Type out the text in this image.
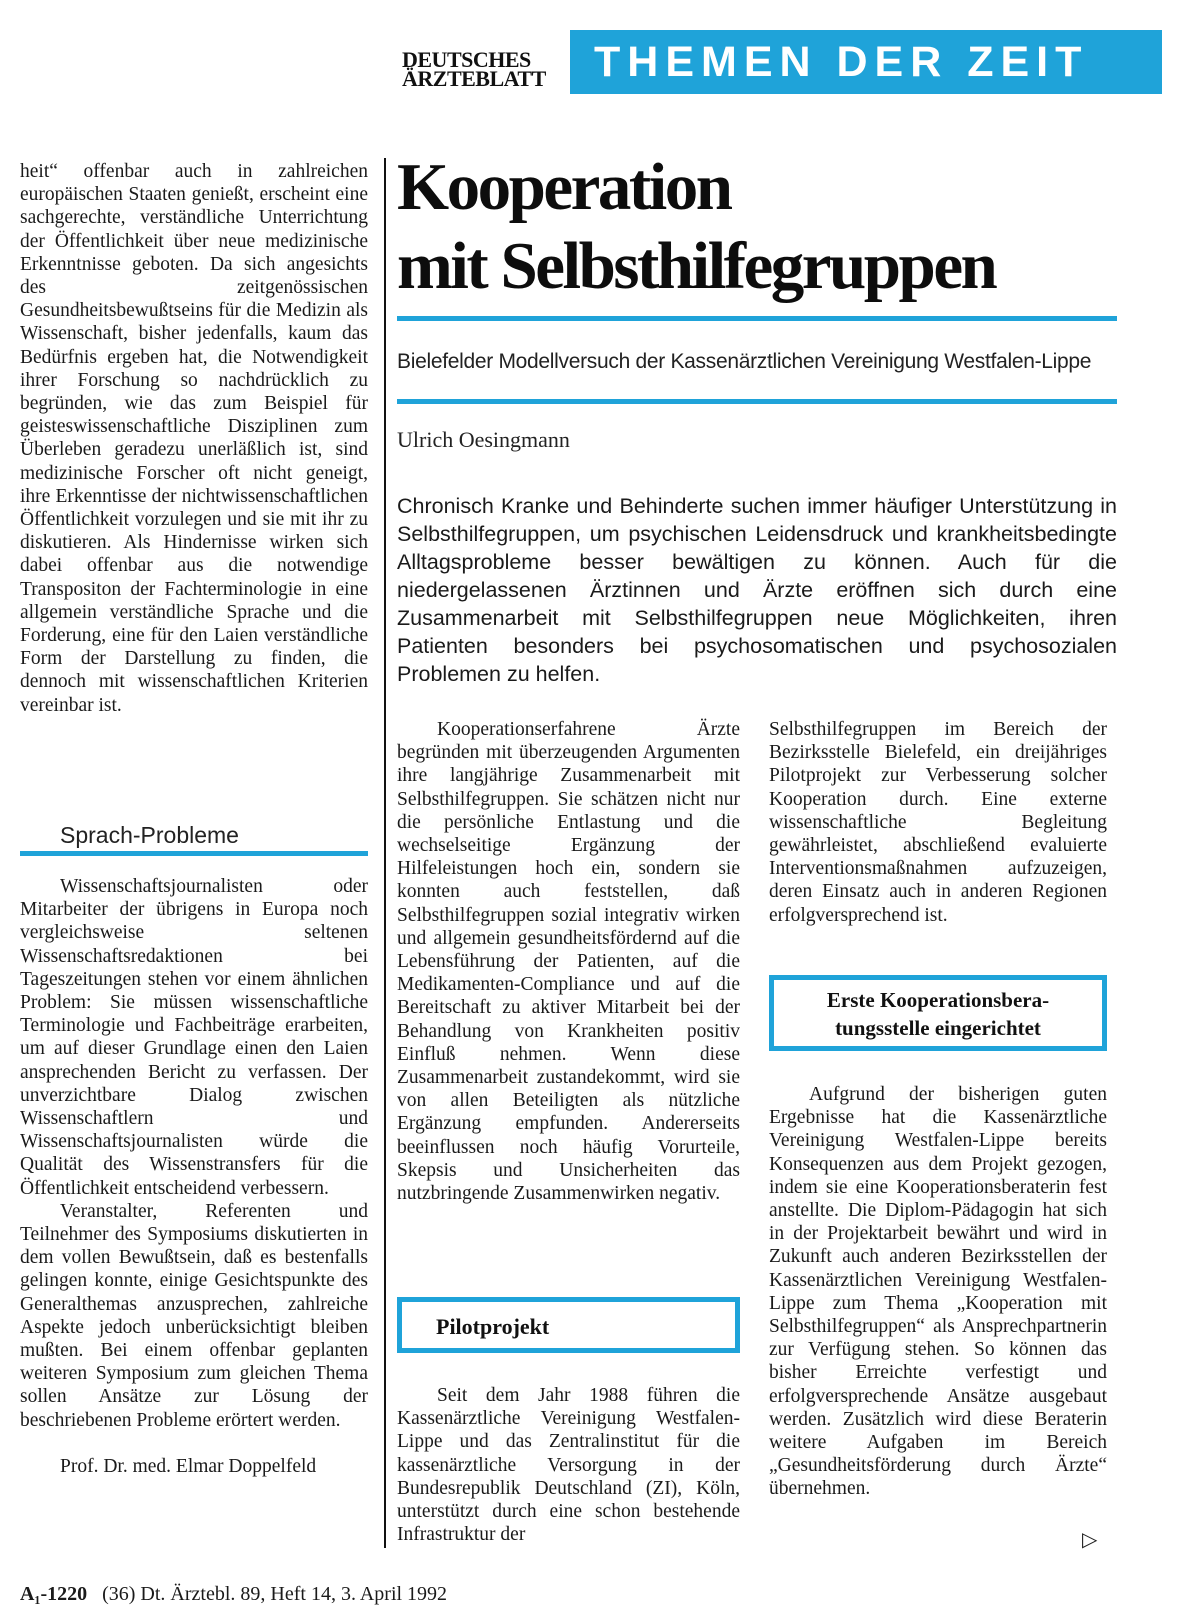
DEUTSCHES
ÄRZTEBLATT	THEMEN DER ZEIT

heit“ offenbar auch in zahlreichen europäischen Staaten genießt, erscheint eine sachgerechte, verständliche Unterrichtung der Öffentlichkeit über neue medizinische Erkenntnisse geboten. Da sich angesichts des zeitgenössischen Gesundheitsbewußtseins für die Medizin als Wissenschaft, bisher jedenfalls, kaum das Bedürfnis ergeben hat, die Notwendigkeit ihrer Forschung so nachdrücklich zu begründen, wie das zum Beispiel für geisteswissenschaftliche Disziplinen zum Überleben geradezu unerläßlich ist, sind medizinische Forscher oft nicht geneigt, ihre Erkenntisse der nichtwissenschaftlichen Öffentlichkeit vorzulegen und sie mit ihr zu diskutieren. Als Hindernisse wirken sich dabei offenbar aus die notwendige Transpositon der Fachterminologie in eine allgemein verständliche Sprache und die Forderung, eine für den Laien verständliche Form der Darstellung zu finden, die dennoch mit wissenschaftlichen Kriterien vereinbar ist.

Sprach-Probleme

Wissenschaftsjournalisten oder Mitarbeiter der übrigens in Europa noch vergleichsweise seltenen Wissenschaftsredaktionen bei Tageszeitungen stehen vor einem ähnlichen Problem: Sie müssen wissenschaftliche Terminologie und Fachbeiträge erarbeiten, um auf dieser Grundlage einen den Laien ansprechenden Bericht zu verfassen. Der unverzichtbare Dialog zwischen Wissenschaftlern und Wissenschaftsjournalisten würde die Qualität des Wissenstransfers für die Öffentlichkeit entscheidend verbessern.

Veranstalter, Referenten und Teilnehmer des Symposiums diskutierten in dem vollen Bewußtsein, daß es bestenfalls gelingen konnte, einige Gesichtspunkte des Generalthemas anzusprechen, zahlreiche Aspekte jedoch unberücksichtigt bleiben mußten. Bei einem offenbar geplanten weiteren Symposium zum gleichen Thema sollen Ansätze zur Lösung der beschriebenen Probleme erörtert werden.

Prof. Dr. med. Elmar Doppelfeld

Kooperation
mit Selbsthilfegruppen
Bielefelder Modellversuch der Kassenärztlichen Vereinigung Westfalen-Lippe
Ulrich Oesingmann
Chronisch Kranke und Behinderte suchen immer häufiger Unterstützung in Selbsthilfegruppen, um psychischen Leidensdruck und krankheitsbedingte Alltagsprobleme besser bewältigen zu können. Auch für die niedergelassenen Ärztinnen und Ärzte eröffnen sich durch eine Zusammenarbeit mit Selbsthilfegruppen neue Möglichkeiten, ihren Patienten besonders bei psychosomatischen und psychosozialen Problemen zu helfen.

Kooperationserfahrene Ärzte begründen mit überzeugenden Argumenten ihre langjährige Zusammenarbeit mit Selbsthilfegruppen. Sie schätzen nicht nur die persönliche Entlastung und die wechselseitige Ergänzung der Hilfeleistungen hoch ein, sondern sie konnten auch feststellen, daß Selbsthilfegruppen sozial integrativ wirken und allgemein gesundheitsfördernd auf die Lebensführung der Patienten, auf die Medikamenten-Compliance und auf die Bereitschaft zu aktiver Mitarbeit bei der Behandlung von Krankheiten positiv Einfluß nehmen. Wenn diese Zusammenarbeit zustandekommt, wird sie von allen Beteiligten als nützliche Ergänzung empfunden. Andererseits beeinflussen noch häufig Vorurteile, Skepsis und Unsicherheiten das nutzbringende Zusammenwirken negativ.

Pilotprojekt

Seit dem Jahr 1988 führen die Kassenärztliche Vereinigung Westfalen-Lippe und das Zentralinstitut für die kassenärztliche Versorgung in der Bundesrepublik Deutschland (ZI), Köln, unterstützt durch eine schon bestehende Infrastruktur der

Selbsthilfegruppen im Bereich der Bezirksstelle Bielefeld, ein dreijähriges Pilotprojekt zur Verbesserung solcher Kooperation durch. Eine externe wissenschaftliche Begleitung gewährleistet, abschließend evaluierte Interventionsmaßnahmen aufzuzeigen, deren Einsatz auch in anderen Regionen erfolgversprechend ist.

Erste Kooperationsbera-
tungsstelle eingerichtet

Aufgrund der bisherigen guten Ergebnisse hat die Kassenärztliche Vereinigung Westfalen-Lippe bereits Konsequenzen aus dem Projekt gezogen, indem sie eine Kooperationsberaterin fest anstellte. Die Diplom-Pädagogin hat sich in der Projektarbeit bewährt und wird in Zukunft auch anderen Bezirksstellen der Kassenärztlichen Vereinigung Westfalen-Lippe zum Thema „Kooperation mit Selbsthilfegruppen“ als Ansprechpartnerin zur Verfügung stehen. So können das bisher Erreichte verfestigt und erfolgversprechende Ansätze ausgebaut werden. Zusätzlich wird diese Beraterin weitere Aufgaben im Bereich „Gesundheitsförderung durch Ärzte“ übernehmen.

▷
A₁-1220 (36) Dt. Ärztebl. 89, Heft 14, 3. April 1992
